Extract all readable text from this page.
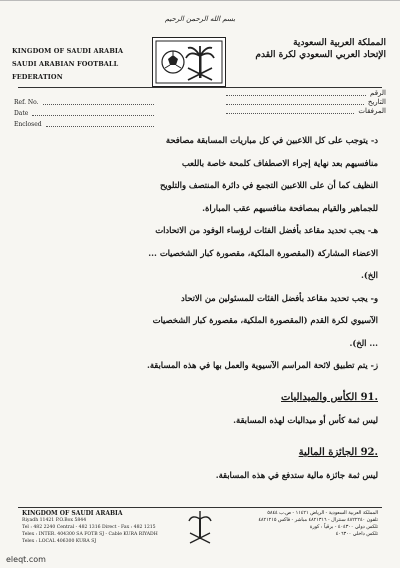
بسم الله الرحمن الرحيم
KINGDOM OF SAUDI ARABIA
SAUDI ARABIAN FOOTBALL FEDERATION
المملكة العربية السعودية
الإتحاد العربي السعودي لكرة القدم
Ref. No.
Date
Enclosed
الرقم
التاريخ
المرفقات

د- يتوجب على كل اللاعبين في كل مباريات المسابقة مصافحة

منافسيهم بعد نهاية إجراء الاصطفاف كلمحة خاصة باللعب

النظيف كما أن على اللاعبين التجمع في دائرة المنتصف والتلويح

للجماهير والقيام بمصافحة منافسيهم عقب المباراة.

هـ- يجب تحديد مقاعد بأفضل الفئات لرؤساء الوفود من الاتحادات

الاعضاء المشاركة (المقصورة الملكية، مقصورة كبار الشخصيات ...

الخ).

و- يجب تحديد مقاعد بأفضل الفئات للمسئولين من الاتحاد

الآسيوي لكرة القدم (المقصورة الملكية، مقصورة كبار الشخصيات

... الخ).

ز- يتم تطبيق لائحة المراسم الآسيوية والعمل بها في هذه المسابقة.

.91 الكأس والميداليات

ليس ثمة كأس أو ميداليات لهذه المسابقة.

.92 الجائزة المالية

ليس ثمة جائزة مالية ستدفع في هذه المسابقة.

KINGDOM OF SAUDI ARABIA
Riyadh 11421 P.O.Box 5844
Tel : 482 2240 Central - 482 1316 Direct - Fax : 482 1215
Telex : INTER. 404300 SA FOTB SJ - Cable KURA RIYADH
Telex : LOCAL 406300 KURA SJ
المملكة العربية السعودية - الرياض ١١٤٢١ - ص.ب ٥٨٤٤
تلفون ٤٨٢٢٢٤٠ سنترال - ٤٨٢١٣١٦ مباشر - فاكس ٤٨٢١٢١٥
تلكس دولي ٤٠٤٣٠٠ - برقياً : كورة
تلكس داخلي ٤٠٦٣٠٠
eleqt.com
